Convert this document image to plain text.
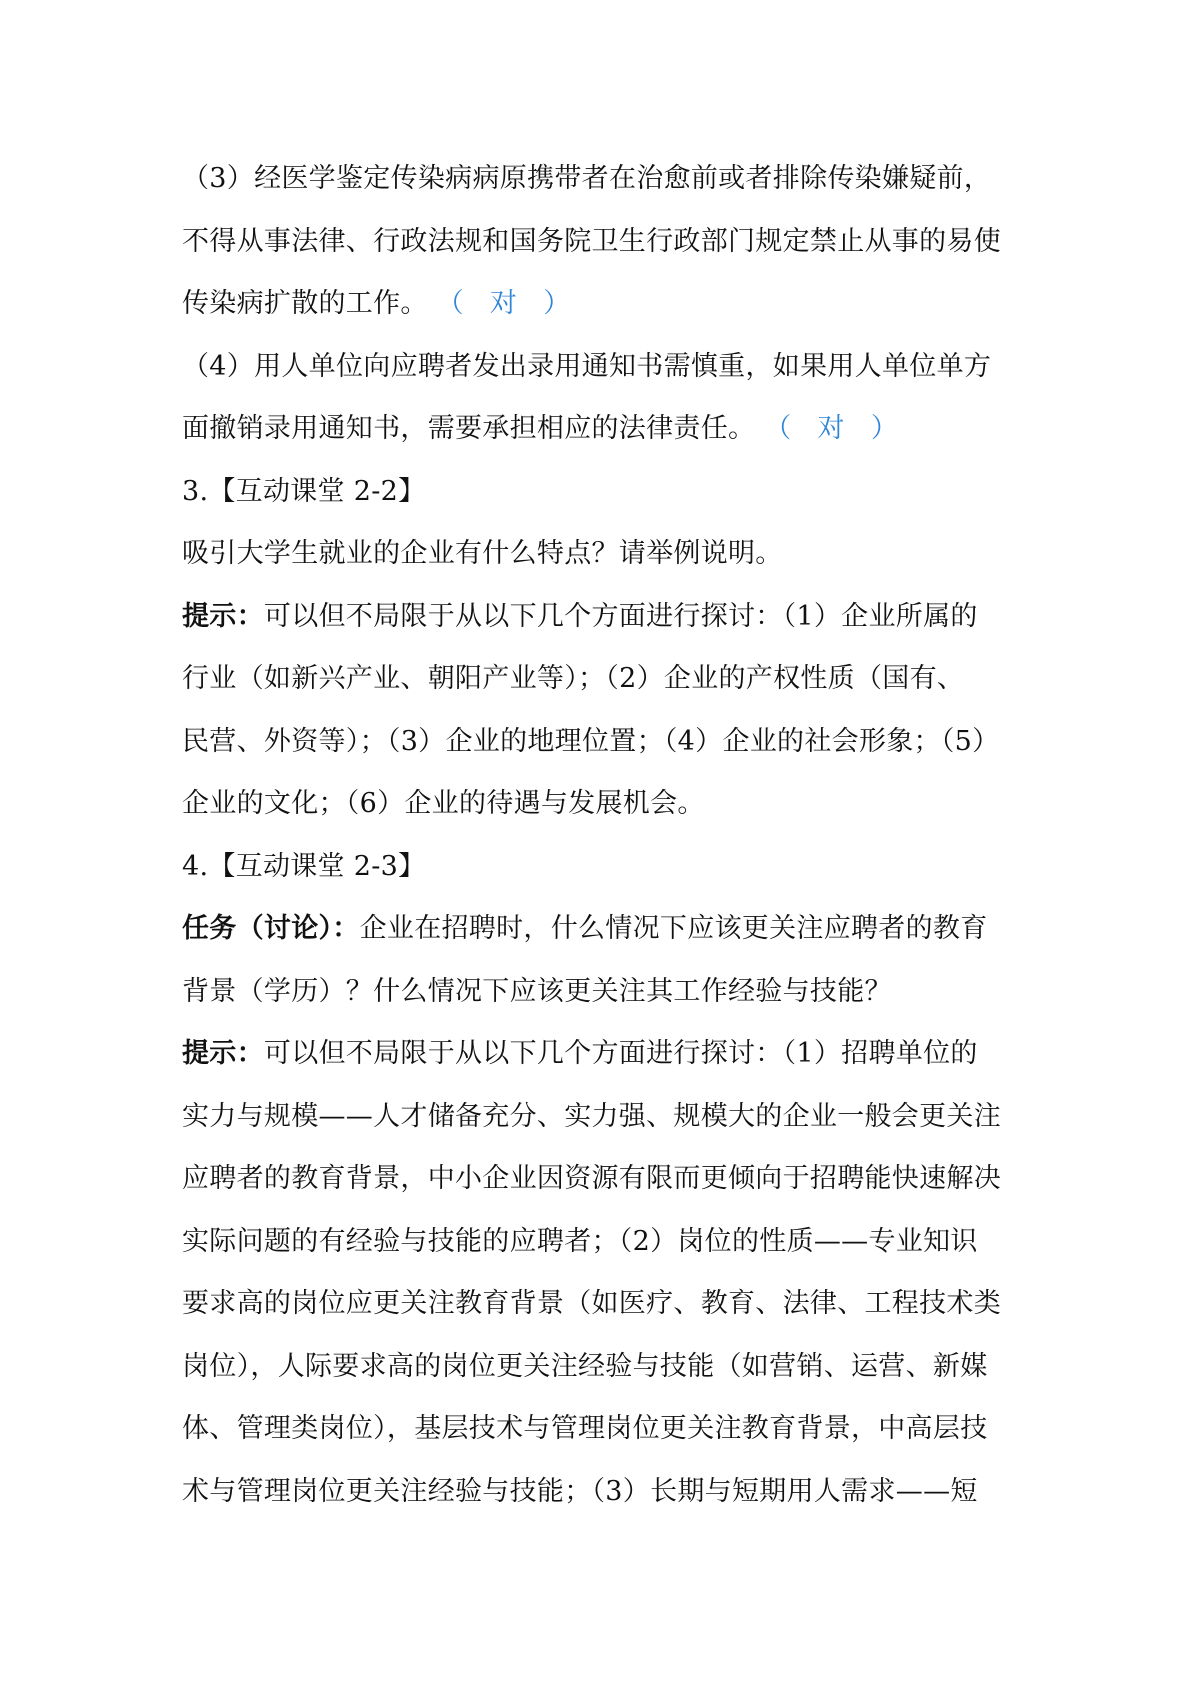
（3）经医学鉴定传染病病原携带者在治愈前或者排除传染嫌疑前，
不得从事法律、行政法规和国务院卫生行政部门规定禁止从事的易使
传染病扩散的工作。 （ 对 ）
（4）用人单位向应聘者发出录用通知书需慎重，如果用人单位单方
面撤销录用通知书，需要承担相应的法律责任。 （ 对 ）
3.【互动课堂 2-2】
吸引大学生就业的企业有什么特点？请举例说明。
提示：可以但不局限于从以下几个方面进行探讨：（1）企业所属的
行业（如新兴产业、朝阳产业等）；（2）企业的产权性质（国有、
民营、外资等）；（3）企业的地理位置；（4）企业的社会形象；（5）
企业的文化；（6）企业的待遇与发展机会。
4.【互动课堂 2-3】
任务（讨论）：企业在招聘时，什么情况下应该更关注应聘者的教育
背景（学历）？什么情况下应该更关注其工作经验与技能？
提示：可以但不局限于从以下几个方面进行探讨：（1）招聘单位的
实力与规模——人才储备充分、实力强、规模大的企业一般会更关注
应聘者的教育背景，中小企业因资源有限而更倾向于招聘能快速解决
实际问题的有经验与技能的应聘者；（2）岗位的性质——专业知识
要求高的岗位应更关注教育背景（如医疗、教育、法律、工程技术类
岗位），人际要求高的岗位更关注经验与技能（如营销、运营、新媒
体、管理类岗位），基层技术与管理岗位更关注教育背景，中高层技
术与管理岗位更关注经验与技能；（3）长期与短期用人需求——短
